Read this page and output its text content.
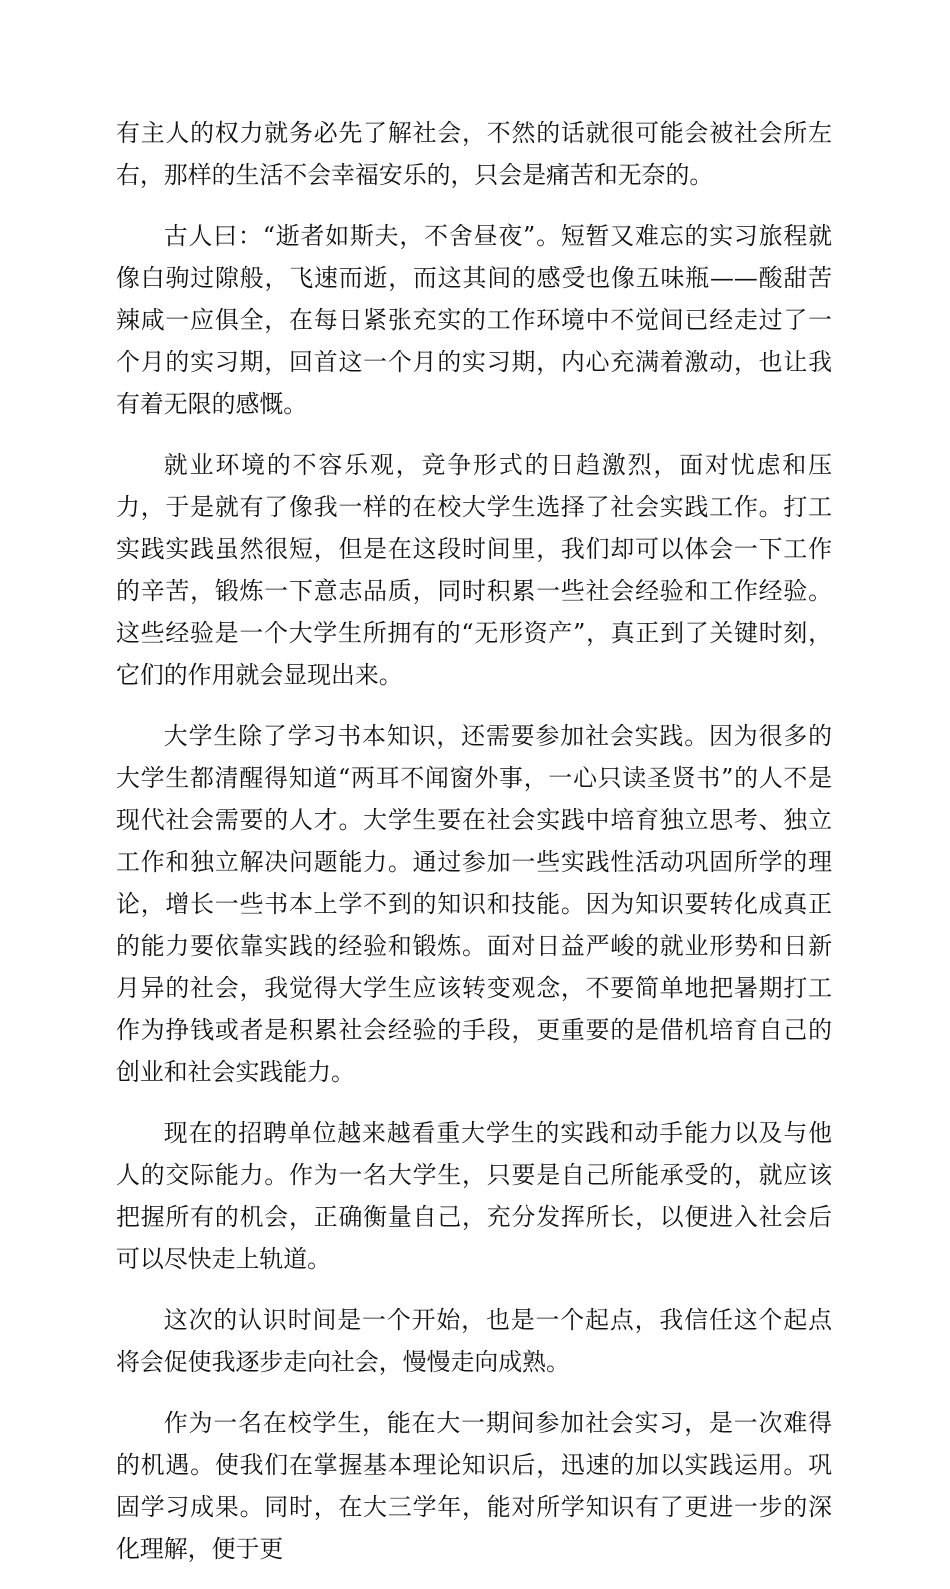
有主人的权力就务必先了解社会，不然的话就很可能会被社会所左右，那样的生活不会幸福安乐的，只会是痛苦和无奈的。

古人曰：“逝者如斯夫，不舍昼夜”。短暂又难忘的实习旅程就像白驹过隙般，飞速而逝，而这其间的感受也像五味瓶——酸甜苦辣咸一应俱全，在每日紧张充实的工作环境中不觉间已经走过了一个月的实习期，回首这一个月的实习期，内心充满着激动，也让我有着无限的感慨。

就业环境的不容乐观，竞争形式的日趋激烈，面对忧虑和压力，于是就有了像我一样的在校大学生选择了社会实践工作。打工实践实践虽然很短，但是在这段时间里，我们却可以体会一下工作的辛苦，锻炼一下意志品质，同时积累一些社会经验和工作经验。这些经验是一个大学生所拥有的“无形资产”，真正到了关键时刻，它们的作用就会显现出来。

大学生除了学习书本知识，还需要参加社会实践。因为很多的大学生都清醒得知道“两耳不闻窗外事，一心只读圣贤书”的人不是现代社会需要的人才。大学生要在社会实践中培育独立思考、独立工作和独立解决问题能力。通过参加一些实践性活动巩固所学的理论，增长一些书本上学不到的知识和技能。因为知识要转化成真正的能力要依靠实践的经验和锻炼。面对日益严峻的就业形势和日新月异的社会，我觉得大学生应该转变观念，不要简单地把暑期打工作为挣钱或者是积累社会经验的手段，更重要的是借机培育自己的创业和社会实践能力。

现在的招聘单位越来越看重大学生的实践和动手能力以及与他人的交际能力。作为一名大学生，只要是自己所能承受的，就应该把握所有的机会，正确衡量自己，充分发挥所长，以便进入社会后可以尽快走上轨道。

这次的认识时间是一个开始，也是一个起点，我信任这个起点将会促使我逐步走向社会，慢慢走向成熟。

作为一名在校学生，能在大一期间参加社会实习，是一次难得的机遇。使我们在掌握基本理论知识后，迅速的加以实践运用。巩固学习成果。同时，在大三学年，能对所学知识有了更进一步的深化理解，便于更
